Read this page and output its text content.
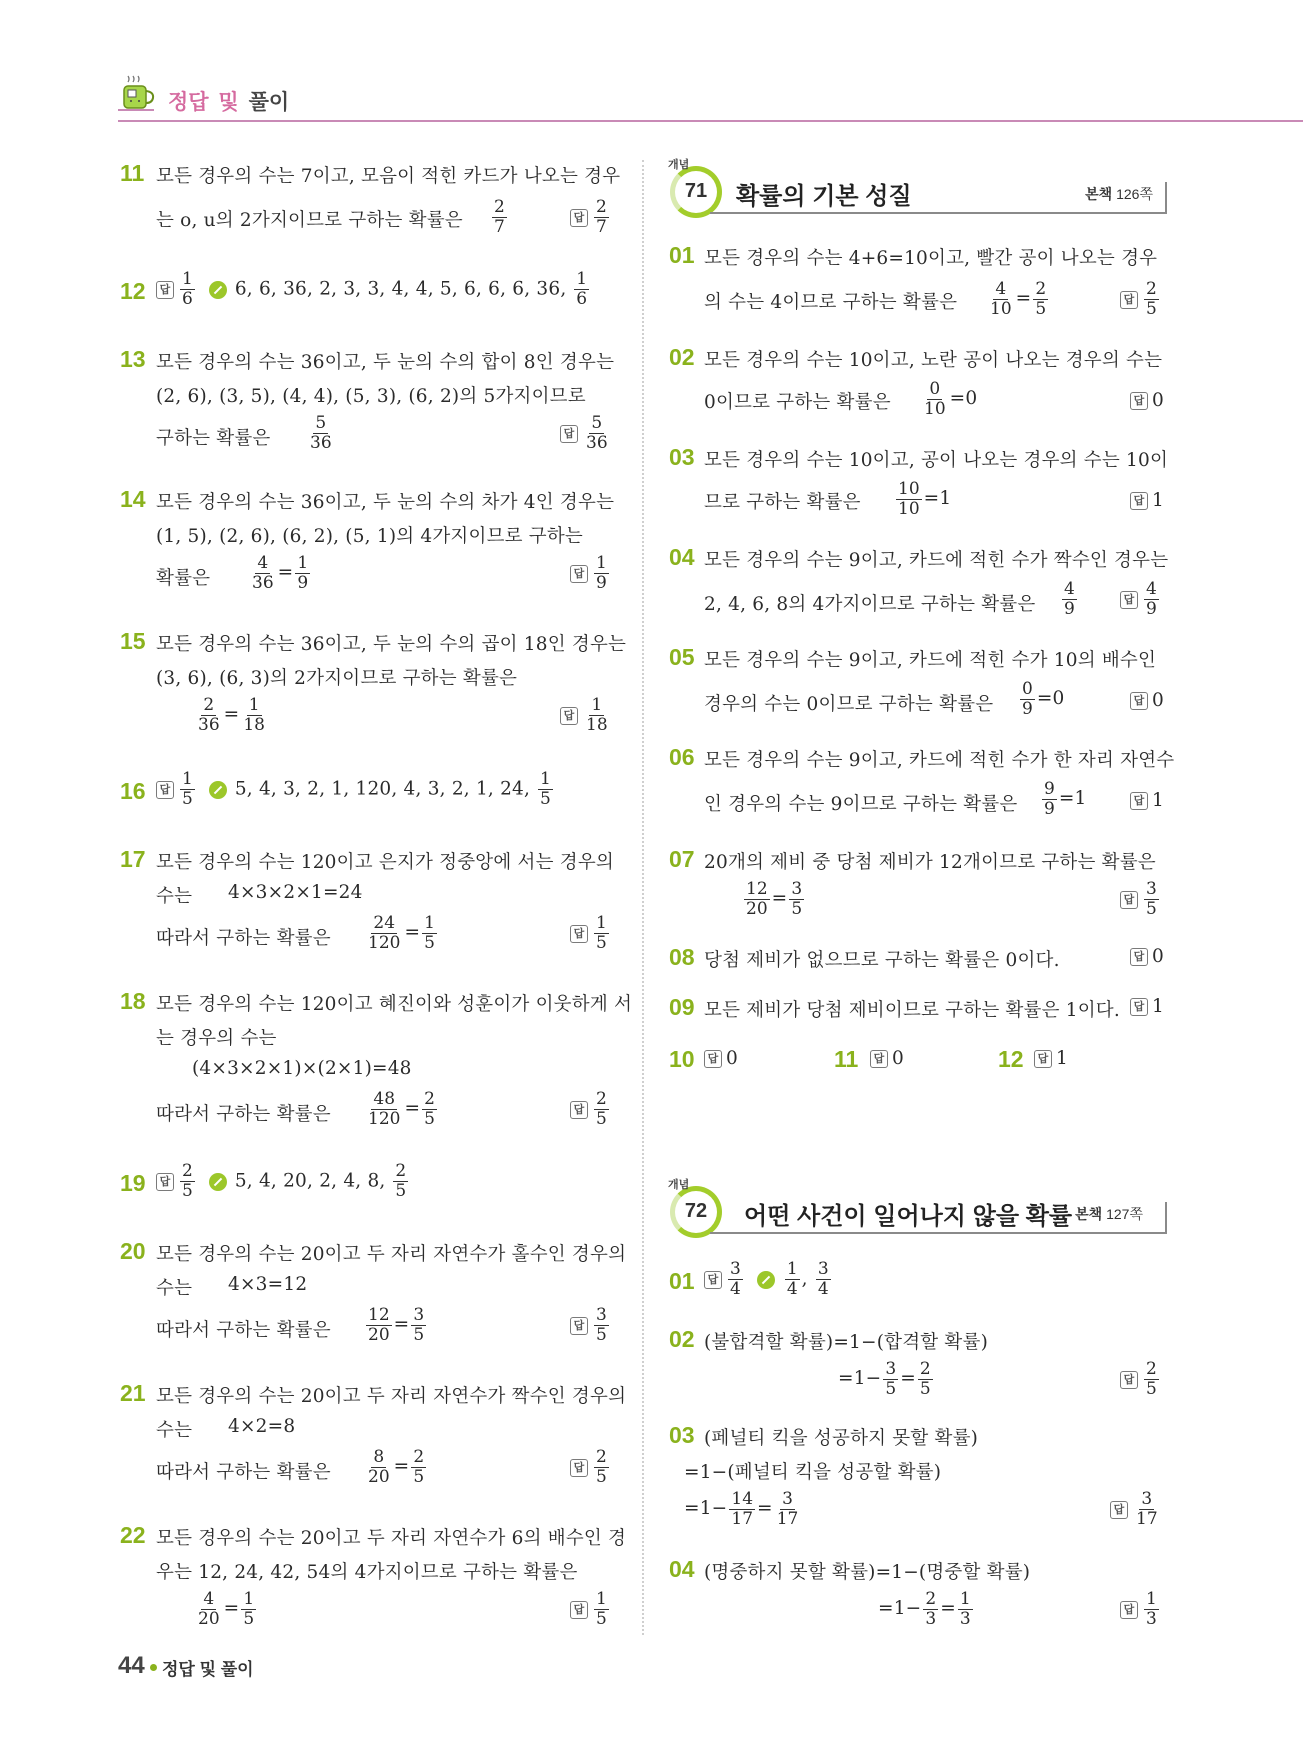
정답 및 풀이
11 모든 경우의 수는 7이고, 모음이 적힌 카드가 나오는 경우
는 o, u의 2가지이므로 구하는 확률은 $\frac{2}{7}$	답 $\frac{2}{7}$
12	답 $\frac{1}{6} 6$, 6, 36, 2, 3, 3, 4, 4, 5, 6, 6, 6, 36, $\frac{1}{6}$
13 모든 경우의 수는 36이고, 두 눈의 수의 합이 8인 경우는
(2, 6), (3, 5), (4, 4), (5, 3), (6, 2)의 5가지이므로
구하는 확률은 $\frac{5}{36}$	답 $\frac{5}{36}$
14 모든 경우의 수는 36이고, 두 눈의 수의 차가 4인 경우는
(1, 5), (2, 6), (6, 2), (5, 1)의 4가지이므로 구하는
확률은 $\frac{4}{36} = \frac{1}{9}$	답 $\frac{1}{9}$
15 모든 경우의 수는 36이고, 두 눈의 수의 곱이 18인 경우는
(3, 6), (6, 3)의 2가지이므로 구하는 확률은
$\frac{2}{36} = \frac{1}{18}$	답 $\frac{1}{18}$
16	답 $\frac{1}{5} 5$, 4, 3, 2, 1, 120, 4, 3, 2, 1, 24, $\frac{1}{5}$
17 모든 경우의 수는 120이고 은지가 정중앙에 서는 경우의
수는 4×3×2×1=24
따라서 구하는 확률은 $\frac{24}{120} = \frac{1}{5}$	답 $\frac{1}{5}$
18 모든 경우의 수는 120이고 혜진이와 성훈이가 이웃하게 서
는 경우의 수는
(4×3×2×1)×(2×1)=48
따라서 구하는 확률은 $\frac{48}{120} = \frac{2}{5}$	답 $\frac{2}{5}$
19	답 $\frac{2}{5} 5$, 4, 20, 2, 4, 8, $\frac{2}{5}$
20 모든 경우의 수는 20이고 두 자리 자연수가 홀수인 경우의
수는 4×3=12
따라서 구하는 확률은 $\frac{12}{20} = \frac{3}{5}$	답 $\frac{3}{5}$
21 모든 경우의 수는 20이고 두 자리 자연수가 짝수인 경우의
수는 4×2=8
따라서 구하는 확률은 $\frac{8}{20} = \frac{2}{5}$	답 $\frac{2}{5}$
22 모든 경우의 수는 20이고 두 자리 자연수가 6의 배수인 경
우는 12, 24, 42, 54의 4가지이므로 구하는 확률은
$\frac{4}{20} = \frac{1}{5}$	답 $\frac{1}{5}$
개념
71	확률의 기본 성질	본책 126쪽
01 모든 경우의 수는 4+6=10이고, 빨간 공이 나오는 경우
의 수는 4이므로 구하는 확률은 $\frac{4}{10} = \frac{2}{5}$	답 $\frac{2}{5}$
02 모든 경우의 수는 10이고, 노란 공이 나오는 경우의 수는
0이므로 구하는 확률은 $\frac{0}{10} =0$	답 0
03 모든 경우의 수는 10이고, 공이 나오는 경우의 수는 10이
므로 구하는 확률은 $\frac{10}{10} =1$	답 1
04 모든 경우의 수는 9이고, 카드에 적힌 수가 짝수인 경우는
2, 4, 6, 8의 4가지이므로 구하는 확률은 $\frac{4}{9}$	답 $\frac{4}{9}$
05 모든 경우의 수는 9이고, 카드에 적힌 수가 10의 배수인
경우의 수는 0이므로 구하는 확률은 $\frac{0}{9} =0$	답 0
06 모든 경우의 수는 9이고, 카드에 적힌 수가 한 자리 자연수
인 경우의 수는 9이므로 구하는 확률은 $\frac{9}{9} =1$	답 1
07 20개의 제비 중 당첨 제비가 12개이므로 구하는 확률은
$\frac{12}{20} = \frac{3}{5}$	답 $\frac{3}{5}$
08 당첨 제비가 없으므로 구하는 확률은 0이다.	답 0
09 모든 제비가 당첨 제비이므로 구하는 확률은 1이다.	답 1
10	답 0	11	답 0	12	답 1
개념
72	어떤 사건이 일어나지 않을 확률 본책 127쪽
01	답 $\frac{3}{4} \frac{1}{4}$ , $\frac{3}{4}$
02 (불합격할 확률)=1−(합격할 확률)
$=1- \frac{3}{5} = \frac{2}{5}$	답 $\frac{2}{5}$
03 (페널티 킥을 성공하지 못할 확률)
=1−(페널티 킥을 성공할 확률)
$=1- \frac{14}{17} = \frac{3}{17}$	답 $\frac{3}{17}$
04 (명중하지 못할 확률)=1−(명중할 확률)
$=1- \frac{2}{3} = \frac{1}{3}$	답 $\frac{1}{3}$
44 정답 및 풀이
